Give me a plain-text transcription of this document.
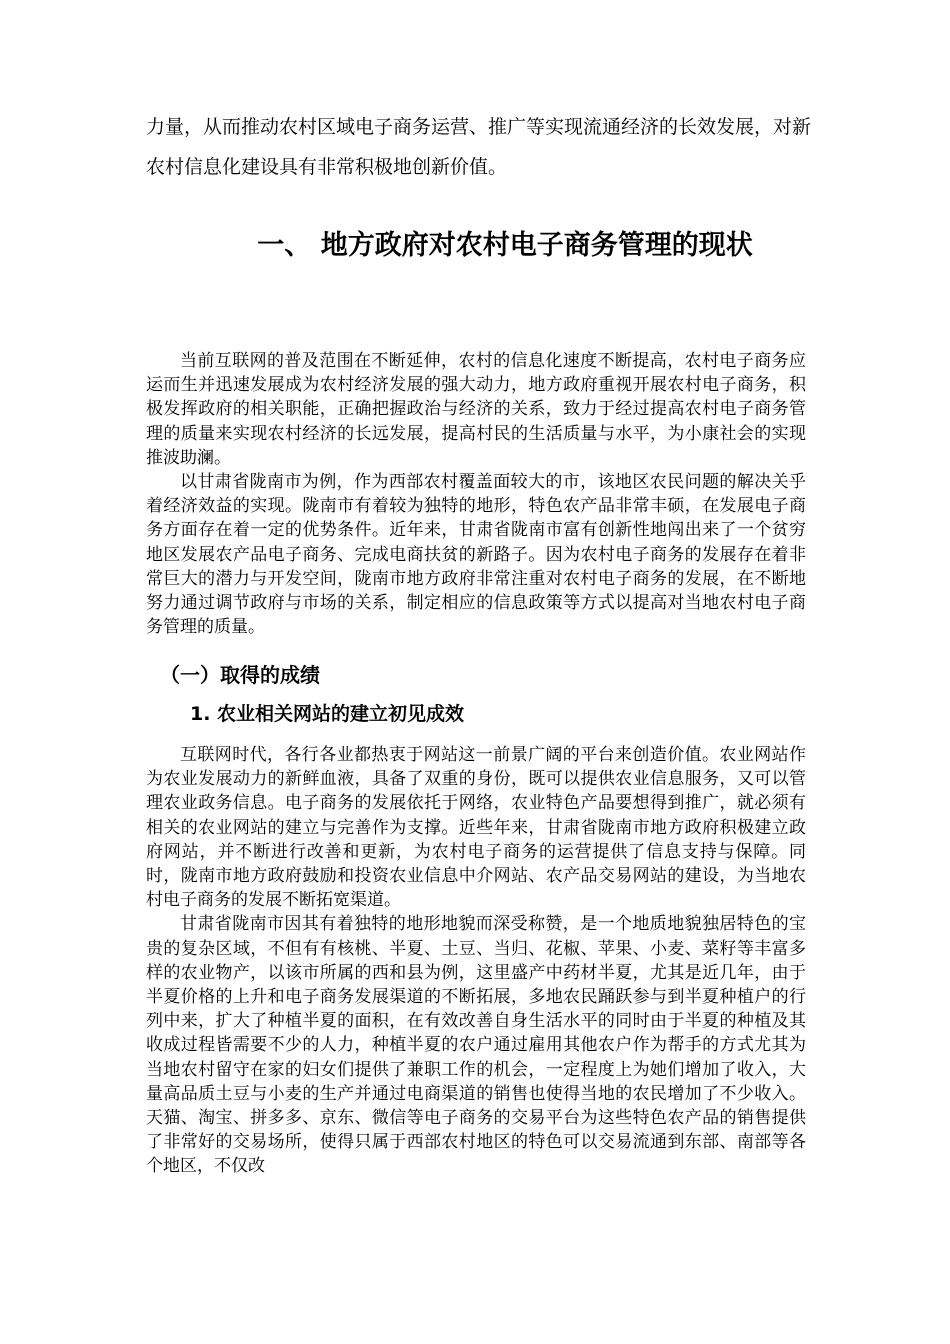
力量，从而推动农村区域电子商务运营、推广等实现流通经济的长效发展，对新

农村信息化建设具有非常积极地创新价值。

一、 地方政府对农村电子商务管理的现状

当前互联网的普及范围在不断延伸，农村的信息化速度不断提高，农村电子商务应运而生并迅速发展成为农村经济发展的强大动力，地方政府重视开展农村电子商务，积极发挥政府的相关职能，正确把握政治与经济的关系，致力于经过提高农村电子商务管理的质量来实现农村经济的长远发展，提高村民的生活质量与水平，为小康社会的实现推波助澜。

以甘肃省陇南市为例，作为西部农村覆盖面较大的市，该地区农民问题的解决关乎着经济效益的实现。陇南市有着较为独特的地形，特色农产品非常丰硕，在发展电子商务方面存在着一定的优势条件。近年来，甘肃省陇南市富有创新性地闯出来了一个贫穷地区发展农产品电子商务、完成电商扶贫的新路子。因为农村电子商务的发展存在着非常巨大的潜力与开发空间，陇南市地方政府非常注重对农村电子商务的发展，在不断地努力通过调节政府与市场的关系，制定相应的信息政策等方式以提高对当地农村电子商务管理的质量。

（一）取得的成绩
1. 农业相关网站的建立初见成效

互联网时代，各行各业都热衷于网站这一前景广阔的平台来创造价值。农业网站作为农业发展动力的新鲜血液，具备了双重的身份，既可以提供农业信息服务，又可以管理农业政务信息。电子商务的发展依托于网络，农业特色产品要想得到推广，就必须有相关的农业网站的建立与完善作为支撑。近些年来，甘肃省陇南市地方政府积极建立政府网站，并不断进行改善和更新，为农村电子商务的运营提供了信息支持与保障。同时，陇南市地方政府鼓励和投资农业信息中介网站、农产品交易网站的建设，为当地农村电子商务的发展不断拓宽渠道。

甘肃省陇南市因其有着独特的地形地貌而深受称赞，是一个地质地貌独居特色的宝贵的复杂区域，不但有有核桃、半夏、土豆、当归、花椒、苹果、小麦、菜籽等丰富多样的农业物产，以该市所属的西和县为例，这里盛产中药材半夏，尤其是近几年，由于半夏价格的上升和电子商务发展渠道的不断拓展，多地农民踊跃参与到半夏种植户的行列中来，扩大了种植半夏的面积，在有效改善自身生活水平的同时由于半夏的种植及其收成过程皆需要不少的人力，种植半夏的农户通过雇用其他农户作为帮手的方式尤其为当地农村留守在家的妇女们提供了兼职工作的机会，一定程度上为她们增加了收入，大量高品质土豆与小麦的生产并通过电商渠道的销售也使得当地的农民增加了不少收入。天猫、淘宝、拼多多、京东、微信等电子商务的交易平台为这些特色农产品的销售提供了非常好的交易场所，使得只属于西部农村地区的特色可以交易流通到东部、南部等各个地区，不仅改
